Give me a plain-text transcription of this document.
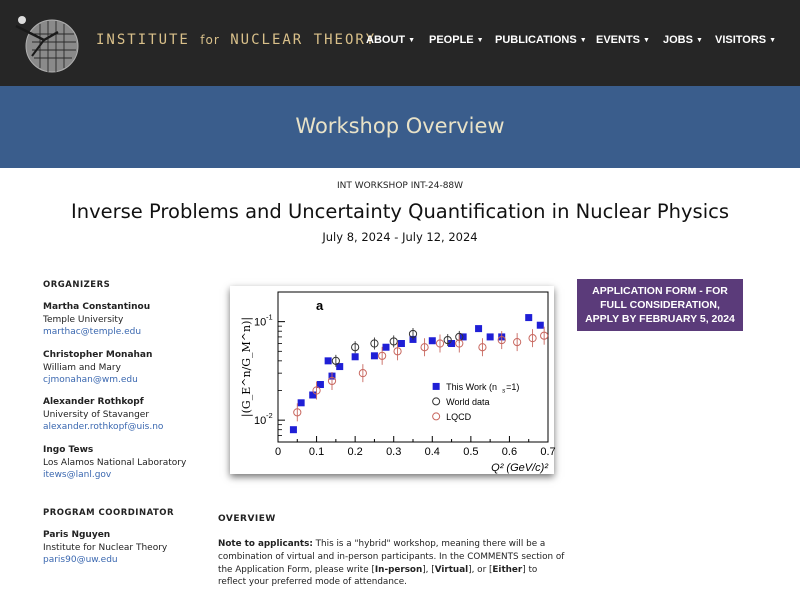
INSTITUTE for NUCLEAR THEORY
ABOUT ▼ PEOPLE ▼ PUBLICATIONS ▼ EVENTS ▼ JOBS ▼ VISITORS ▼
Workshop Overview
INT WORKSHOP INT-24-88W
Inverse Problems and Uncertainty Quantification in Nuclear Physics
July 8, 2024 - July 12, 2024
ORGANIZERS
Martha Constantinou
Temple University
marthac@temple.edu
Christopher Monahan
William and Mary
cjmonahan@wm.edu
Alexander Rothkopf
University of Stavanger
alexander.rothkopf@uis.no
Ingo Tews
Los Alamos National Laboratory
itews@lanl.gov
PROGRAM COORDINATOR
Paris Nguyen
Institute for Nuclear Theory
paris90@uw.edu
a
|(G_E^n/G_M^n)|
Q² (GeV/c)²
0	0.1 0.2 0.3 0.4 0.5 0.6 0.7
10 -1
10 -2
This Work (n s =1)
World data
LQCD
APPLICATION FORM - FOR
FULL CONSIDERATION,
APPLY BY FEBRUARY 5, 2024
OVERVIEW
Note to applicants: This is a "hybrid" workshop, meaning there will be a combination of virtual and in-person participants. In the COMMENTS section of the Application Form, please write [In-person], [Virtual], or [Either] to reflect your preferred mode of attendance.
